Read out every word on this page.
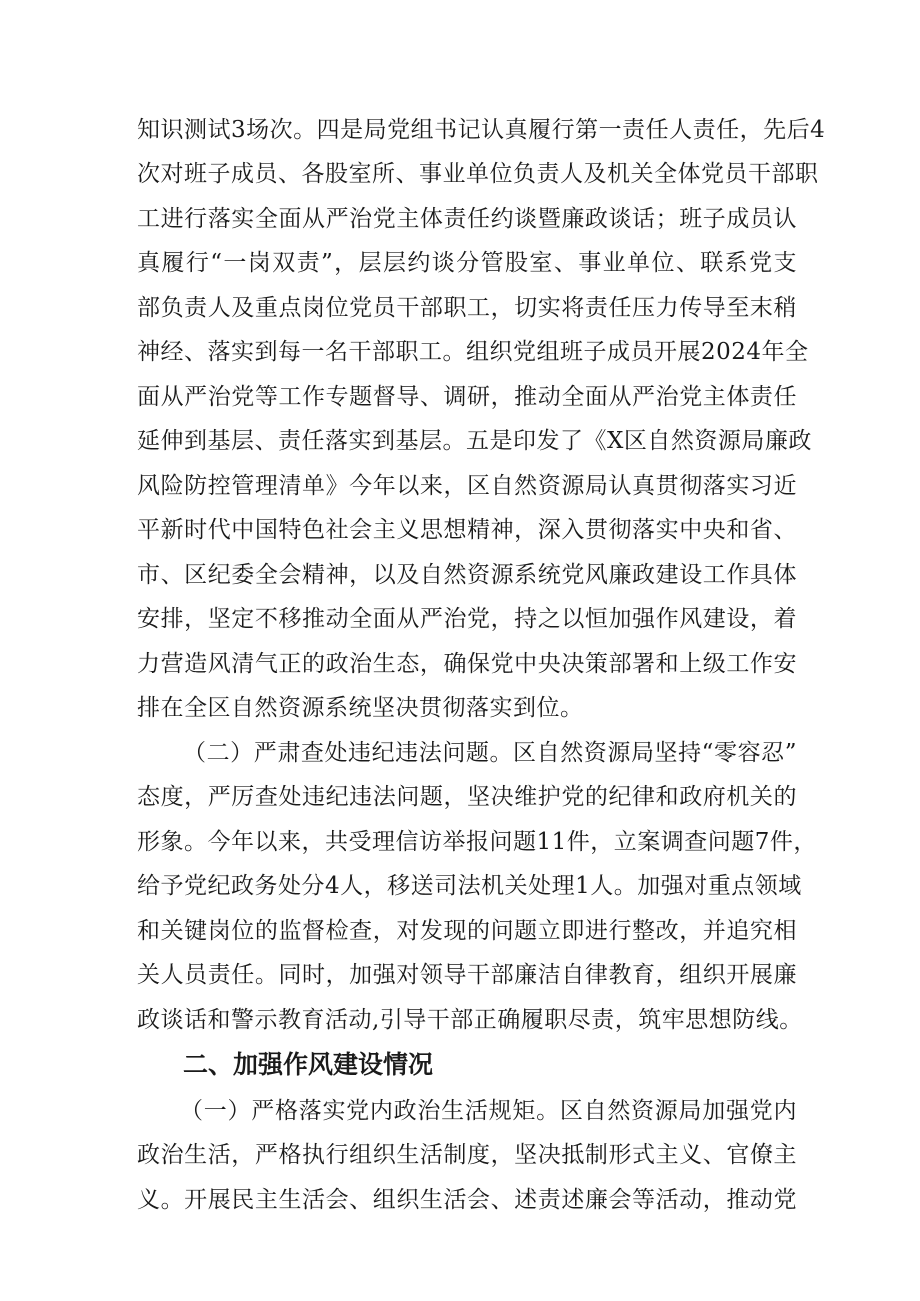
知识测试3场次。四是局党组书记认真履行第一责任人责任，先后4
次对班子成员、各股室所、事业单位负责人及机关全体党员干部职
工进行落实全面从严治党主体责任约谈暨廉政谈话；班子成员认
真履行“一岗双责”，层层约谈分管股室、事业单位、联系党支
部负责人及重点岗位党员干部职工，切实将责任压力传导至末稍
神经、落实到每一名干部职工。组织党组班子成员开展2024年全
面从严治党等工作专题督导、调研，推动全面从严治党主体责任
延伸到基层、责任落实到基层。五是印发了《X区自然资源局廉政
风险防控管理清单》今年以来，区自然资源局认真贯彻落实习近
平新时代中国特色社会主义思想精神，深入贯彻落实中央和省、
市、区纪委全会精神，以及自然资源系统党风廉政建设工作具体
安排，坚定不移推动全面从严治党，持之以恒加强作风建设，着
力营造风清气正的政治生态，确保党中央决策部署和上级工作安
排在全区自然资源系统坚决贯彻落实到位。
（二）严肃查处违纪违法问题。区自然资源局坚持“零容忍”
态度，严厉查处违纪违法问题，坚决维护党的纪律和政府机关的
形象。今年以来，共受理信访举报问题11件，立案调查问题7件，
给予党纪政务处分4人，移送司法机关处理1人。加强对重点领域
和关键岗位的监督检查，对发现的问题立即进行整改，并追究相
关人员责任。同时，加强对领导干部廉洁自律教育，组织开展廉
政谈话和警示教育活动,引导干部正确履职尽责，筑牢思想防线。
二、加强作风建设情况
（一）严格落实党内政治生活规矩。区自然资源局加强党内
政治生活，严格执行组织生活制度，坚决抵制形式主义、官僚主
义。开展民主生活会、组织生活会、述责述廉会等活动，推动党
